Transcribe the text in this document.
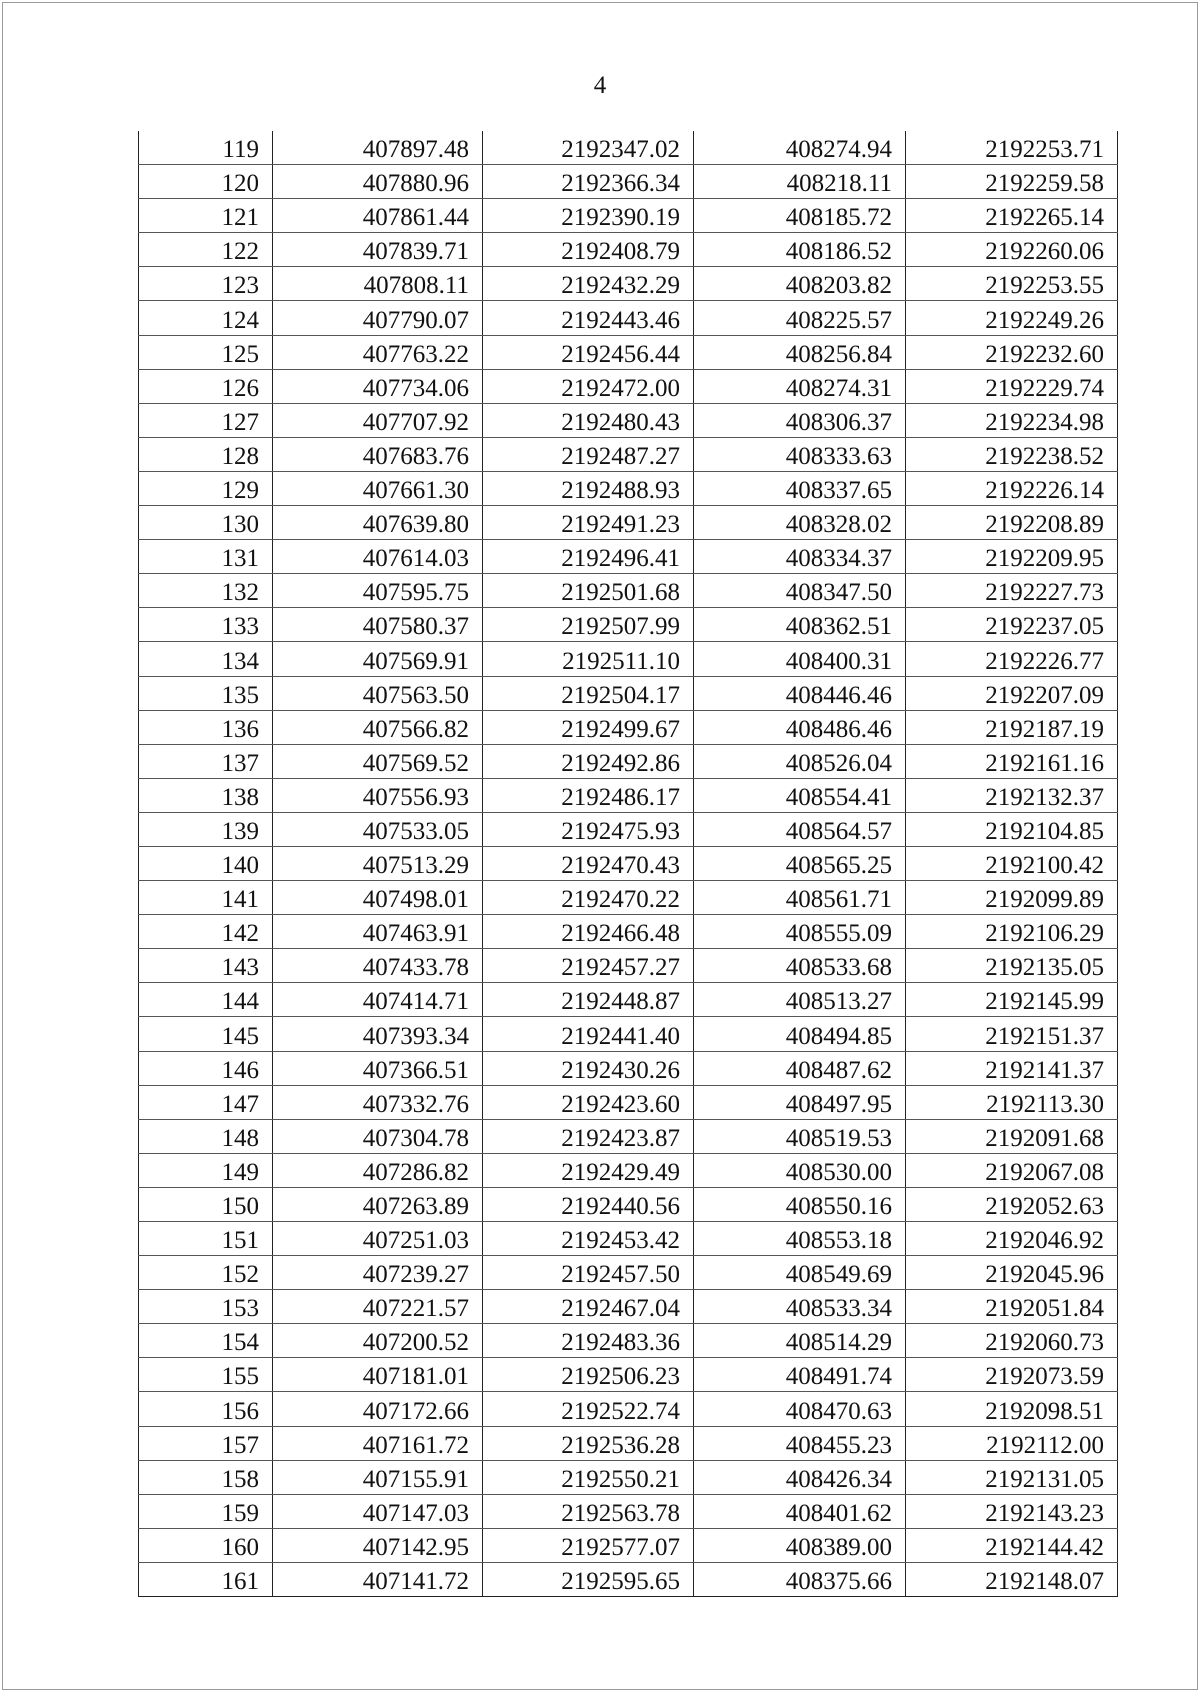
4
119	407897.48	2192347.02	408274.94	2192253.71
120	407880.96	2192366.34	408218.11	2192259.58
121	407861.44	2192390.19	408185.72	2192265.14
122	407839.71	2192408.79	408186.52	2192260.06
123	407808.11	2192432.29	408203.82	2192253.55
124	407790.07	2192443.46	408225.57	2192249.26
125	407763.22	2192456.44	408256.84	2192232.60
126	407734.06	2192472.00	408274.31	2192229.74
127	407707.92	2192480.43	408306.37	2192234.98
128	407683.76	2192487.27	408333.63	2192238.52
129	407661.30	2192488.93	408337.65	2192226.14
130	407639.80	2192491.23	408328.02	2192208.89
131	407614.03	2192496.41	408334.37	2192209.95
132	407595.75	2192501.68	408347.50	2192227.73
133	407580.37	2192507.99	408362.51	2192237.05
134	407569.91	2192511.10	408400.31	2192226.77
135	407563.50	2192504.17	408446.46	2192207.09
136	407566.82	2192499.67	408486.46	2192187.19
137	407569.52	2192492.86	408526.04	2192161.16
138	407556.93	2192486.17	408554.41	2192132.37
139	407533.05	2192475.93	408564.57	2192104.85
140	407513.29	2192470.43	408565.25	2192100.42
141	407498.01	2192470.22	408561.71	2192099.89
142	407463.91	2192466.48	408555.09	2192106.29
143	407433.78	2192457.27	408533.68	2192135.05
144	407414.71	2192448.87	408513.27	2192145.99
145	407393.34	2192441.40	408494.85	2192151.37
146	407366.51	2192430.26	408487.62	2192141.37
147	407332.76	2192423.60	408497.95	2192113.30
148	407304.78	2192423.87	408519.53	2192091.68
149	407286.82	2192429.49	408530.00	2192067.08
150	407263.89	2192440.56	408550.16	2192052.63
151	407251.03	2192453.42	408553.18	2192046.92
152	407239.27	2192457.50	408549.69	2192045.96
153	407221.57	2192467.04	408533.34	2192051.84
154	407200.52	2192483.36	408514.29	2192060.73
155	407181.01	2192506.23	408491.74	2192073.59
156	407172.66	2192522.74	408470.63	2192098.51
157	407161.72	2192536.28	408455.23	2192112.00
158	407155.91	2192550.21	408426.34	2192131.05
159	407147.03	2192563.78	408401.62	2192143.23
160	407142.95	2192577.07	408389.00	2192144.42
161	407141.72	2192595.65	408375.66	2192148.07
